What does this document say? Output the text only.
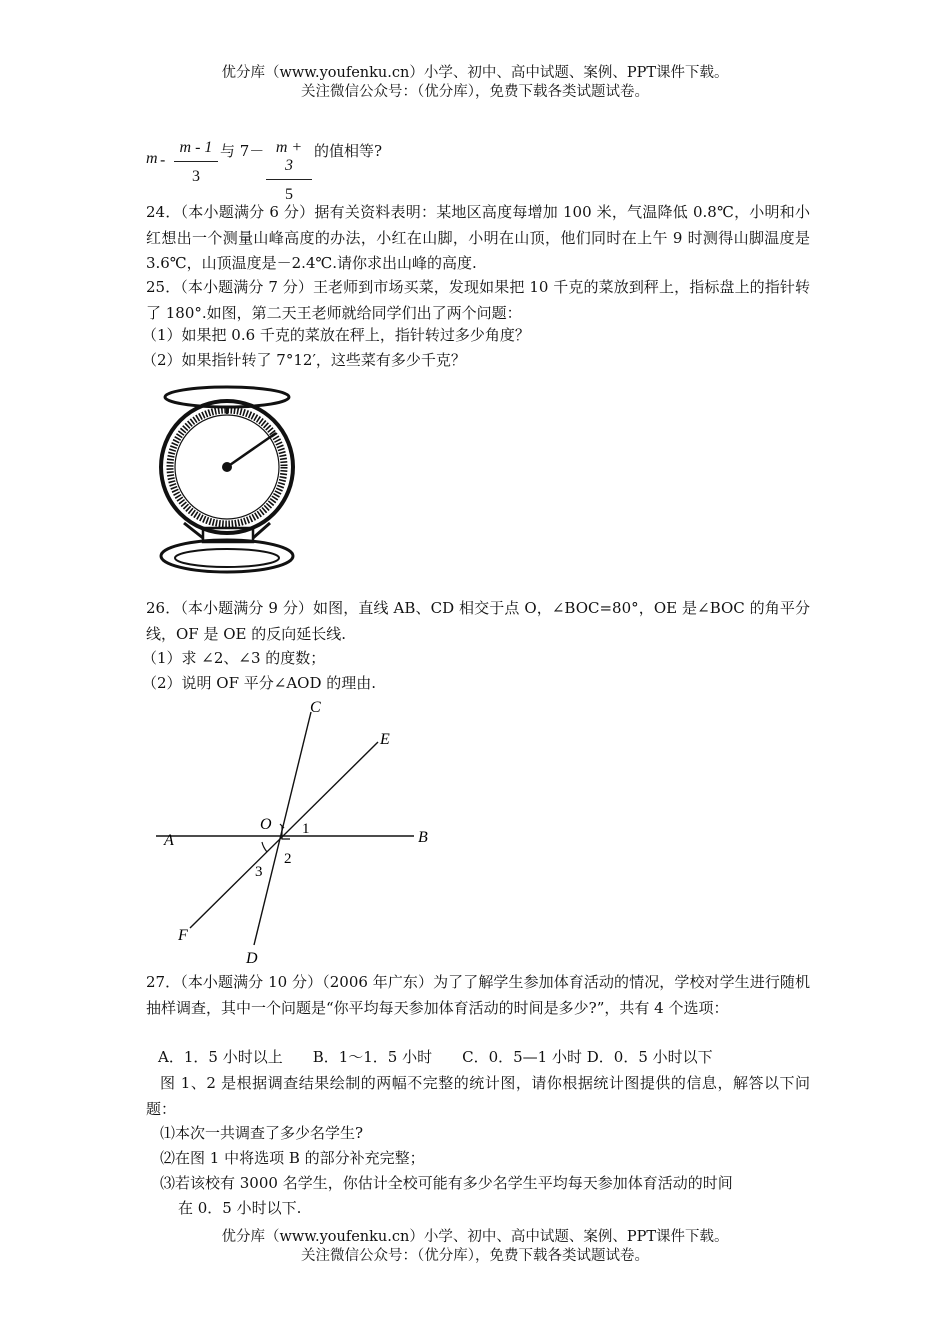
优分库（www.youfenku.cn）小学、初中、高中试题、案例、PPT课件下载。
关注微信公众号：（优分库），免费下载各类试题试卷。
m - $\frac{m - 1}{3}$ 与 $7- \frac{m + 3}{5}$ 的值相等?
24．（本小题满分 6 分）据有关资料表明：某地区高度每增加 100 米，气温降低 0.8℃，小明和小红想出一个测量山峰高度的办法，小红在山脚，小明在山顶，他们同时在上午 9 时测得山脚温度是 3.6℃，山顶温度是－2.4℃.请你求出山峰的高度.
25．（本小题满分 7 分）王老师到市场买菜，发现如果把 10 千克的菜放到秤上，指标盘上的指针转了 180°.如图，第二天王老师就给同学们出了两个问题：
（1）如果把 0.6 千克的菜放在秤上，指针转过多少角度？
（2）如果指针转了 7°12′，这些菜有多少千克？
26．（本小题满分 9 分）如图，直线 AB、CD 相交于点 O，∠BOC=80°，OE 是∠BOC 的角平分线，OF 是 OE 的反向延长线.
（1）求 ∠2、∠3 的度数；
（2）说明 OF 平分∠AOD 的理由.
A	B
C
D
E
F
O 1
2
3
27．（本小题满分 10 分）（2006 年广东）为了了解学生参加体育活动的情况，学校对学生进行随机抽样调查，其中一个问题是“你平均每天参加体育活动的时间是多少?”，共有 4 个选项：
A．1．5 小时以上　　B．1～1．5 小时　　C．0．5—1 小时 D．0．5 小时以下
图 1、2 是根据调查结果绘制的两幅不完整的统计图，请你根据统计图提供的信息，解答以下问题：
⑴本次一共调查了多少名学生?
⑵在图 1 中将选项 B 的部分补充完整；
⑶若该校有 3000 名学生，你估计全校可能有多少名学生平均每天参加体育活动的时间
在 0．5 小时以下.
优分库（www.youfenku.cn）小学、初中、高中试题、案例、PPT课件下载。
关注微信公众号：（优分库），免费下载各类试题试卷。
